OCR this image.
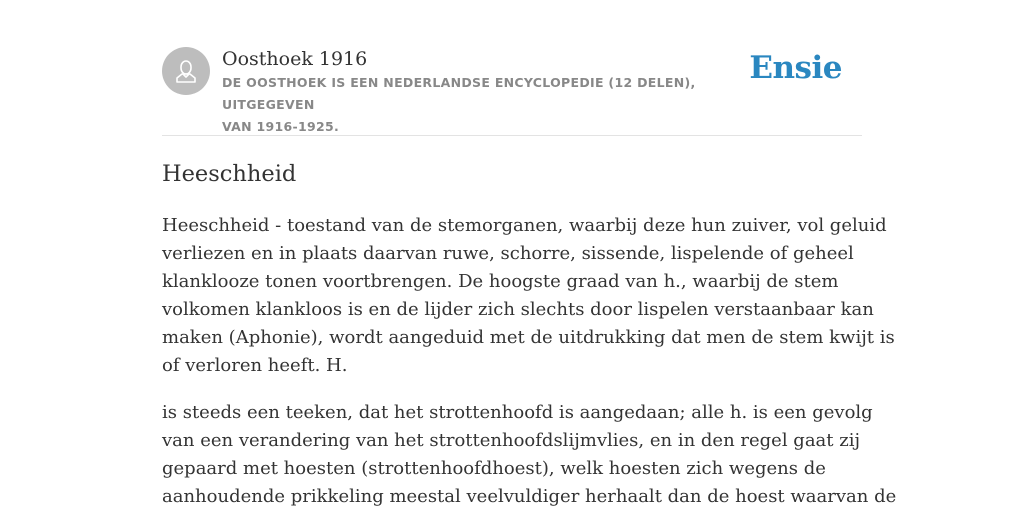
Oosthoek 1916
DE OOSTHOEK IS EEN NEDERLANDSE ENCYCLOPEDIE (12 DELEN), UITGEGEVEN
VAN 1916-1925.
Ensie
Heeschheid

Heeschheid - toestand van de stemorganen, waarbij deze hun zuiver, vol geluid
verliezen en in plaats daarvan ruwe, schorre, sissende, lispelende of geheel
klanklooze tonen voortbrengen. De hoogste graad van h., waarbij de stem
volkomen klankloos is en de lijder zich slechts door lispelen verstaanbaar kan
maken (Aphonie), wordt aangeduid met de uitdrukking dat men de stem kwijt is
of verloren heeft. H.

is steeds een teeken, dat het strottenhoofd is aangedaan; alle h. is een gevolg
van een verandering van het strottenhoofdslijmvlies, en in den regel gaat zij
gepaard met hoesten (strottenhoofdhoest), welk hoesten zich wegens de
aanhoudende prikkeling meestal veelvuldiger herhaalt dan de hoest waarvan de
